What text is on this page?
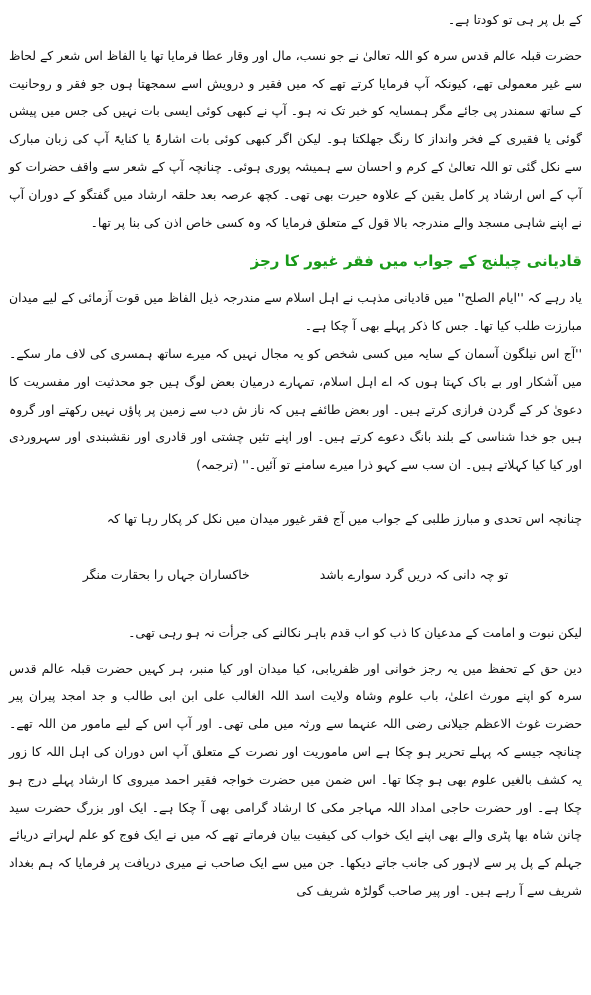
کے بل پر ہی تو کودتا ہے۔

حضرت قبلہ عالم قدس سرہ کو اللہ تعالیٰ نے جو نسب، مال اور وقار عطا فرمایا تھا یا الفاظ اس شعر کے لحاظ سے غیر معمولی تھے، کیونکہ آپ فرمایا کرتے تھے کہ میں فقیر و درویش اسے سمجھتا ہوں جو فقر و روحانیت کے ساتھ سمندر پی جائے مگر ہمسایہ کو خبر تک نہ ہو۔ آپ نے کبھی کوئی ایسی بات نہیں کی جس میں پیشں گوئی یا فقیری کے فخر وانداز کا رنگ جھلکتا ہو۔ لیکن اگر کبھی کوئی بات اشارۃً یا کنایۃً آپ کی زبان مبارک سے نکل گئی تو اللہ تعالیٰ کے کرم و احسان سے ہمیشہ پوری ہوئی۔ چنانچہ آپ کے شعر سے واقف حضرات کو آپ کے اس ارشاد پر کامل یقین کے علاوہ حیرت بھی تھی۔ کچھ عرصہ بعد حلقہ ارشاد میں گفتگو کے دوران آپ نے اپنے شاہی مسجد والے مندرجہ بالا قول کے متعلق فرمایا کہ وہ کسی خاص اذن کی بنا پر تھا۔

قادیانی چیلنج کے جواب میں فقر غیور کا رجز

یاد رہے کہ ''ایام الصلح'' میں قادیانی مذہب نے اہل اسلام سے مندرجہ ذیل الفاظ میں قوت آزمائی کے لیے میدان مبارزت طلب کیا تھا۔ جس کا ذکر پہلے بھی آ چکا ہے۔

''آج اس نیلگون آسمان کے سایہ میں کسی شخص کو یہ مجال نہیں کہ میرے ساتھ ہمسری کی لاف مار سکے۔ میں آشکار اور بے باک کہتا ہوں کہ اے اہل اسلام، تمہارے درمیان بعض لوگ ہیں جو محدثیت اور مفسریت کا دعویٰ کر کے گردن فرازی کرتے ہیں۔ اور بعض طائفے ہیں کہ ناز ش دب سے زمین پر پاؤں نہیں رکھتے اور گروہ ہیں جو خدا شناسی کے بلند بانگ دعوے کرتے ہیں۔ اور اپنے تئیں چشتی اور قادری اور نقشبندی اور سہروردی اور کیا کیا کہلاتے ہیں۔ ان سب سے کہو ذرا میرے سامنے تو آئیں۔'' (ترجمہ)

چنانچہ اس تحدی و مبارز طلبی کے جواب میں آج فقر غیور میدان میں نکل کر پکار رہا تھا کہ

تو چہ دانی کہ دریں گرد سوارے باشد
خاکساران جہاں را بحقارت منگر

لیکن نبوت و امامت کے مدعیان کا ذب کو اب قدم باہر نکالنے کی جرأت نہ ہو رہی تھی۔

دین حق کے تحفظ میں یہ رجز خوانی اور ظفریابی، کیا میدان اور کیا منبر، ہر کہیں حضرت قبلہ عالم قدس سرہ کو اپنے مورث اعلیٰ، باب علوم وشاہ ولایت اسد اللہ الغالب علی ابن ابی طالب و جد امجد پیران پیر حضرت غوث الاعظم جیلانی رضی اللہ عنہما سے ورثہ میں ملی تھی۔ اور آپ اس کے لیے مامور من اللہ تھے۔ چنانچہ جیسے کہ پہلے تحریر ہو چکا ہے اس ماموریت اور نصرت کے متعلق آپ اس دوران کی اہل اللہ کا زور یہ کشف بالغیں علوم بھی ہو چکا تھا۔ اس ضمن میں حضرت خواجہ فقیر احمد میروی کا ارشاد پہلے درج ہو چکا ہے۔ اور حضرت حاجی امداد اللہ مہاجر مکی کا ارشاد گرامی بھی آ چکا ہے۔ ایک اور بزرگ حضرت سید چانن شاہ بھا پٹری والے بھی اپنے ایک خواب کی کیفیت بیان فرماتے تھے کہ میں نے ایک فوج کو علم لہراتے دریائے جہلم کے پل پر سے لاہور کی جانب جاتے دیکھا۔ جن میں سے ایک صاحب نے میری دریافت پر فرمایا کہ ہم بغداد شریف سے آ رہے ہیں۔ اور پیر صاحب گولڑہ شریف کی
